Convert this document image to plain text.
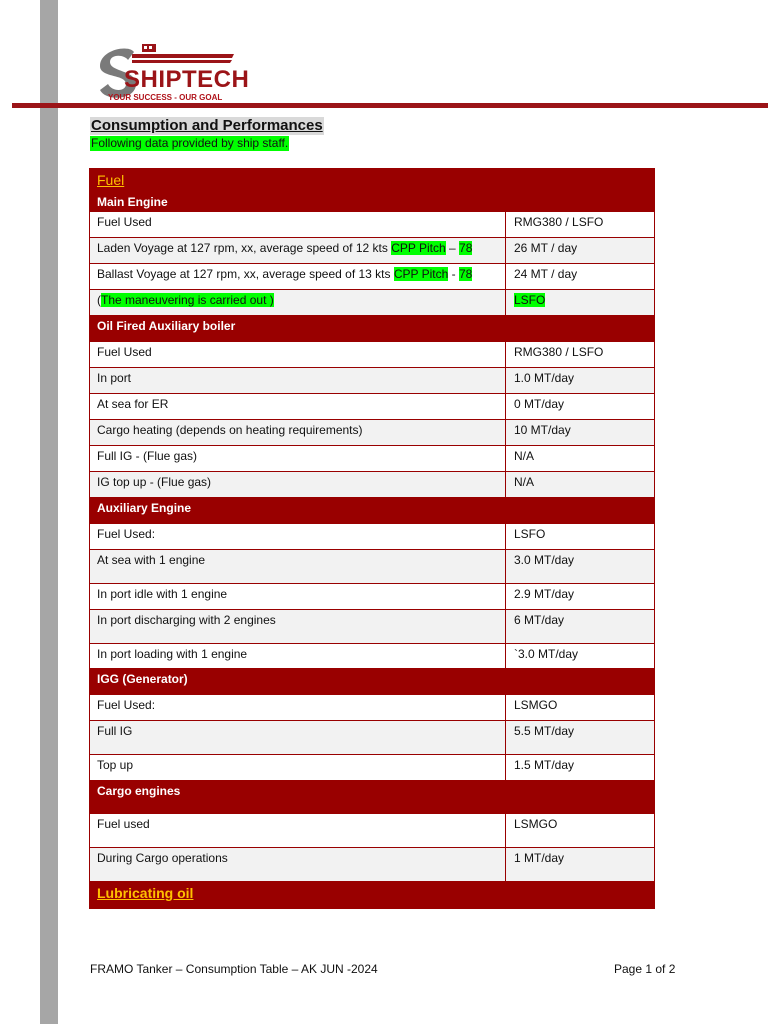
SHIPTECH
YOUR SUCCESS - OUR GOAL
Consumption and Performances
Following data provided by ship staff.
Fuel
Main Engine
Fuel Used	RMG380 / LSFO
Laden Voyage at 127 rpm, xx, average speed of 12 kts CPP Pitch – 78	26 MT / day
Ballast Voyage at 127 rpm, xx, average speed of 13 kts CPP Pitch - 78	24 MT / day
(The maneuvering is carried out )	LSFO
Oil Fired Auxiliary boiler
Fuel Used	RMG380 / LSFO
In port	1.0 MT/day
At sea for ER	0 MT/day
Cargo heating (depends on heating requirements)	10 MT/day
Full IG - (Flue gas)	N/A
IG top up - (Flue gas)	N/A
Auxiliary Engine
Fuel Used:	LSFO
At sea with 1 engine	3.0 MT/day
In port idle with 1 engine	2.9 MT/day
In port discharging with 2 engines	6 MT/day
In port loading with 1 engine	`3.0 MT/day
IGG (Generator)
Fuel Used:	LSMGO
Full IG	5.5 MT/day
Top up	1.5 MT/day
Cargo engines
Fuel used	LSMGO
During Cargo operations	1 MT/day
Lubricating oil
FRAMO Tanker – Consumption Table – AK JUN -2024	Page 1 of 2
